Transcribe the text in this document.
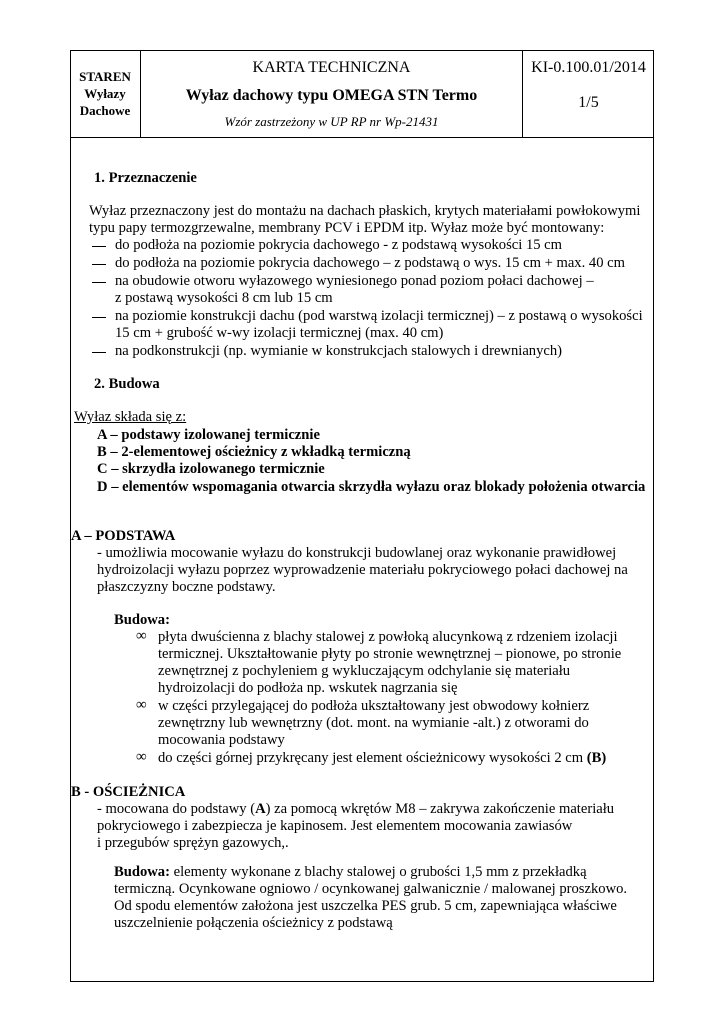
STAREN
Wyłazy
Dachowe
KARTA TECHNICZNA
Wyłaz dachowy typu OMEGA STN Termo
Wzór zastrzeżony w UP RP nr Wp-21431
KI-0.100.01/2014
1/5
1. Przeznaczenie
Wyłaz przeznaczony jest do montażu na dachach płaskich, krytych materiałami powłokowymi
typu papy termozgrzewalne, membrany PCV i EPDM itp. Wyłaz może być montowany:
do podłoża na poziomie pokrycia dachowego - z podstawą wysokości 15 cm
do podłoża na poziomie pokrycia dachowego – z podstawą o wys. 15 cm + max. 40 cm
na obudowie otworu wyłazowego wyniesionego ponad poziom połaci dachowej –
z postawą wysokości 8 cm lub 15 cm
na poziomie konstrukcji dachu (pod warstwą izolacji termicznej) – z postawą o wysokości
15 cm + grubość w-wy izolacji termicznej (max. 40 cm)
na podkonstrukcji (np. wymianie w konstrukcjach stalowych i drewnianych)
2. Budowa
Wyłaz składa się z:
A – podstawy izolowanej termicznie
B – 2-elementowej ościeżnicy z wkładką termiczną
C – skrzydła izolowanego termicznie
D – elementów wspomagania otwarcia skrzydła wyłazu oraz blokady położenia otwarcia
A – PODSTAWA
- umożliwia mocowanie wyłazu do konstrukcji budowlanej oraz wykonanie prawidłowej
hydroizolacji wyłazu poprzez wyprowadzenie materiału pokryciowego połaci dachowej na
płaszczyzny boczne podstawy.
Budowa:
∞ płyta dwuścienna z blachy stalowej z powłoką alucynkową z rdzeniem izolacji
termicznej. Ukształtowanie płyty po stronie wewnętrznej – pionowe, po stronie
zewnętrznej z pochyleniem g wykluczającym odchylanie się materiału
hydroizolacji do podłoża np. wskutek nagrzania się
∞ w części przylegającej do podłoża ukształtowany jest obwodowy kołnierz
zewnętrzny lub wewnętrzny (dot. mont. na wymianie -alt.) z otworami do
mocowania podstawy
∞ do części górnej przykręcany jest element ościeżnicowy wysokości 2 cm (B)
B - OŚCIEŻNICA
- mocowana do podstawy (A) za pomocą wkrętów M8 – zakrywa zakończenie materiału
pokryciowego i zabezpiecza je kapinosem. Jest elementem mocowania zawiasów
i przegubów sprężyn gazowych,.
Budowa: elementy wykonane z blachy stalowej o grubości 1,5 mm z przekładką
termiczną. Ocynkowane ogniowo / ocynkowanej galwanicznie / malowanej proszkowo.
Od spodu elementów założona jest uszczelka PES grub. 5 cm, zapewniająca właściwe
uszczelnienie połączenia ościeżnicy z podstawą
